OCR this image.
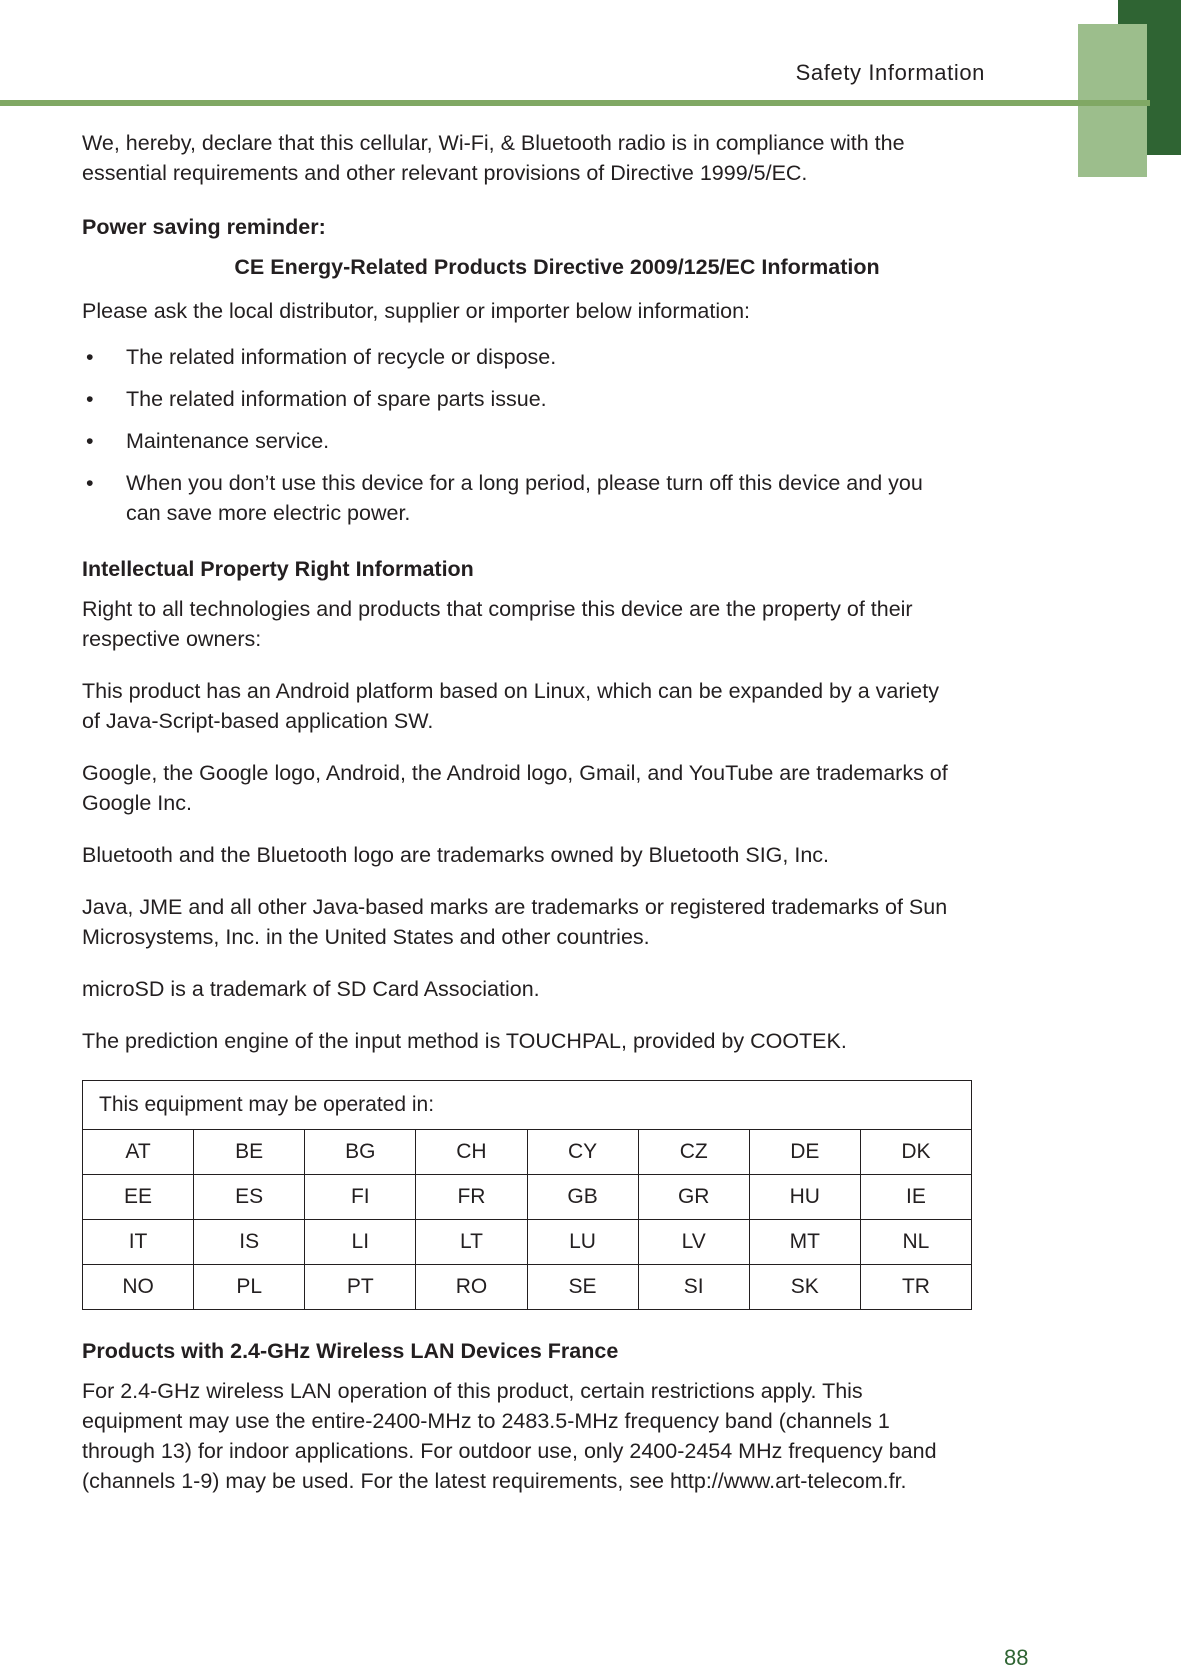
Safety Information

We, hereby, declare that this cellular, Wi-Fi, & Bluetooth radio is in compliance with the essential requirements and other relevant provisions of Directive 1999/5/EC.

Power saving reminder:
CE Energy-Related Products Directive 2009/125/EC Information

Please ask the local distributor, supplier or importer below information:

• The related information of recycle or dispose.
• The related information of spare parts issue.
• Maintenance service.
• When you don’t use this device for a long period, please turn off this device and you can save more electric power.
Intellectual Property Right Information

Right to all technologies and products that comprise this device are the property of their respective owners:

This product has an Android platform based on Linux, which can be expanded by a variety of Java-Script-based application SW.

Google, the Google logo, Android, the Android logo, Gmail, and YouTube are trademarks of Google Inc.

Bluetooth and the Bluetooth logo are trademarks owned by Bluetooth SIG, Inc.

Java, JME and all other Java-based marks are trademarks or registered trademarks of Sun Microsystems, Inc. in the United States and other countries.

microSD is a trademark of SD Card Association.

The prediction engine of the input method is TOUCHPAL, provided by COOTEK.

This equipment may be operated in:							
AT	BE	BG	CH	CY	CZ	DE	DK
EE	ES	FI	FR	GB	GR	HU	IE
IT	IS	LI	LT	LU	LV	MT	NL
NO	PL	PT	RO	SE	SI	SK	TR
Products with 2.4-GHz Wireless LAN Devices France

For 2.4-GHz wireless LAN operation of this product, certain restrictions apply. This equipment may use the entire-2400-MHz to 2483.5-MHz frequency band (channels 1 through 13) for indoor applications. For outdoor use, only 2400-2454 MHz frequency band (channels 1-9) may be used. For the latest requirements, see http://www.art-telecom.fr.

88
